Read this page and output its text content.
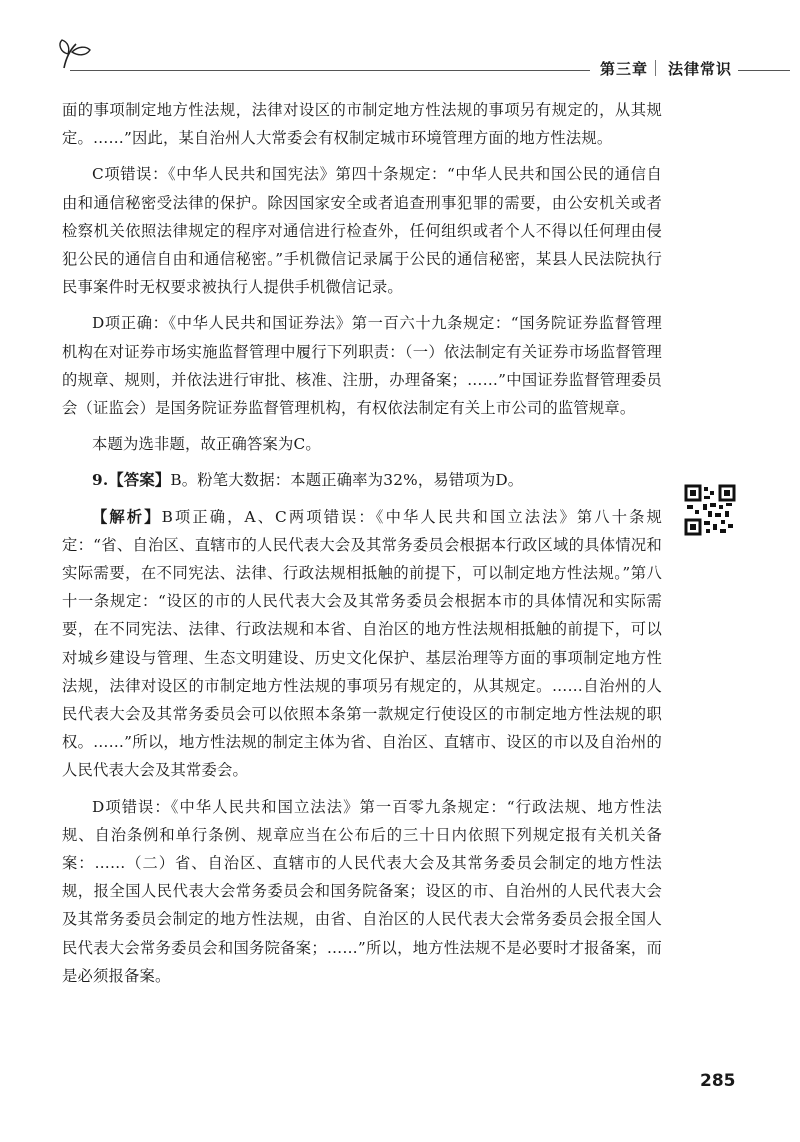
第三章 法律常识

面的事项制定地方性法规，法律对设区的市制定地方性法规的事项另有规定的，从其规定。……”因此，某自治州人大常委会有权制定城市环境管理方面的地方性法规。

C项错误：《中华人民共和国宪法》第四十条规定：“中华人民共和国公民的通信自由和通信秘密受法律的保护。除因国家安全或者追查刑事犯罪的需要，由公安机关或者检察机关依照法律规定的程序对通信进行检查外，任何组织或者个人不得以任何理由侵犯公民的通信自由和通信秘密。”手机微信记录属于公民的通信秘密，某县人民法院执行民事案件时无权要求被执行人提供手机微信记录。

D项正确：《中华人民共和国证券法》第一百六十九条规定：“国务院证券监督管理机构在对证券市场实施监督管理中履行下列职责：（一）依法制定有关证券市场监督管理的规章、规则，并依法进行审批、核准、注册，办理备案；……”中国证券监督管理委员会（证监会）是国务院证券监督管理机构，有权依法制定有关上市公司的监管规章。

本题为选非题，故正确答案为C。

9.【答案】B。粉笔大数据：本题正确率为32%，易错项为D。

【解析】B项正确，A、C两项错误：《中华人民共和国立法法》第八十条规定：“省、自治区、直辖市的人民代表大会及其常务委员会根据本行政区域的具体情况和实际需要，在不同宪法、法律、行政法规相抵触的前提下，可以制定地方性法规。”第八十一条规定：“设区的市的人民代表大会及其常务委员会根据本市的具体情况和实际需要，在不同宪法、法律、行政法规和本省、自治区的地方性法规相抵触的前提下，可以对城乡建设与管理、生态文明建设、历史文化保护、基层治理等方面的事项制定地方性法规，法律对设区的市制定地方性法规的事项另有规定的，从其规定。……自治州的人民代表大会及其常务委员会可以依照本条第一款规定行使设区的市制定地方性法规的职权。……”所以，地方性法规的制定主体为省、自治区、直辖市、设区的市以及自治州的人民代表大会及其常委会。

D项错误：《中华人民共和国立法法》第一百零九条规定：“行政法规、地方性法规、自治条例和单行条例、规章应当在公布后的三十日内依照下列规定报有关机关备案：……（二）省、自治区、直辖市的人民代表大会及其常务委员会制定的地方性法规，报全国人民代表大会常务委员会和国务院备案；设区的市、自治州的人民代表大会及其常务委员会制定的地方性法规，由省、自治区的人民代表大会常务委员会报全国人民代表大会常务委员会和国务院备案；……”所以，地方性法规不是必要时才报备案，而是必须报备案。

285
